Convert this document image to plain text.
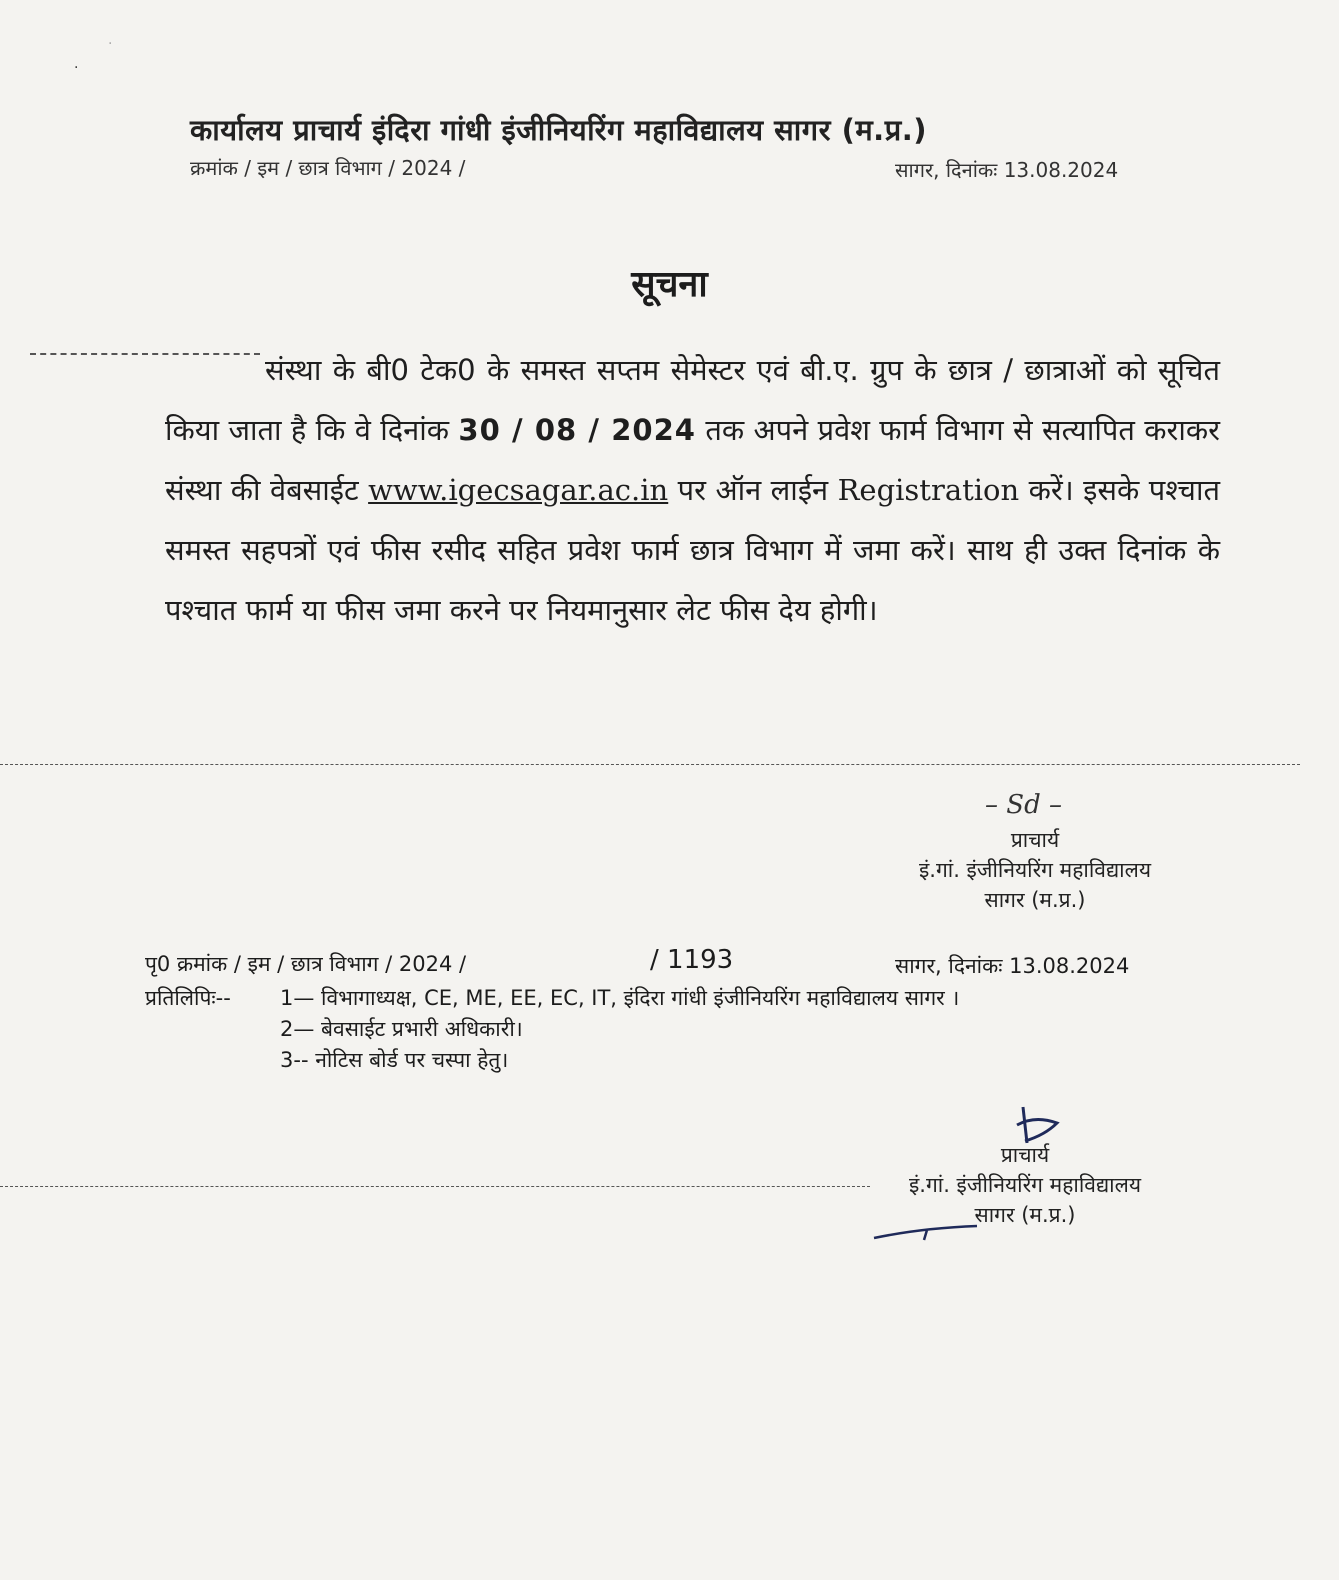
·
·
कार्यालय प्राचार्य इंदिरा गांधी इंजीनियरिंग महाविद्यालय सागर (म.प्र.)
क्रमांक / इम / छात्र विभाग / 2024 /	सागर, दिनांकः 13.08.2024
सूचना
संस्था के बी0 टेक0 के समस्त सप्तम सेमेस्टर एवं बी.ए. ग्रुप के छात्र / छात्राओं को सूचित किया जाता है कि वे दिनांक 30 / 08 / 2024 तक अपने प्रवेश फार्म विभाग से सत्यापित कराकर संस्था की वेबसाईट www.igecsagar.ac.in पर ऑन लाईन Registration करें। इसके पश्चात समस्त सहपत्रों एवं फीस रसीद सहित प्रवेश फार्म छात्र विभाग में जमा करें। साथ ही उक्त दिनांक के पश्चात फार्म या फीस जमा करने पर नियमानुसार लेट फीस देय होगी।
– Sd –
प्राचार्य
इं.गां. इंजीनियरिंग महाविद्यालय
सागर (म.प्र.)
पृ0 क्रमांक / इम / छात्र विभाग / 2024 /	/ 1193	सागर, दिनांकः 13.08.2024
प्रतिलिपिः-- 1— विभागाध्यक्ष, CE, ME, EE, EC, IT, इंदिरा गांधी इंजीनियरिंग महाविद्यालय सागर ।
2— बेवसाईट प्रभारी अधिकारी।
3-- नोटिस बोर्ड पर चस्पा हेतु।
प्राचार्य
इं.गां. इंजीनियरिंग महाविद्यालय
सागर (म.प्र.)
